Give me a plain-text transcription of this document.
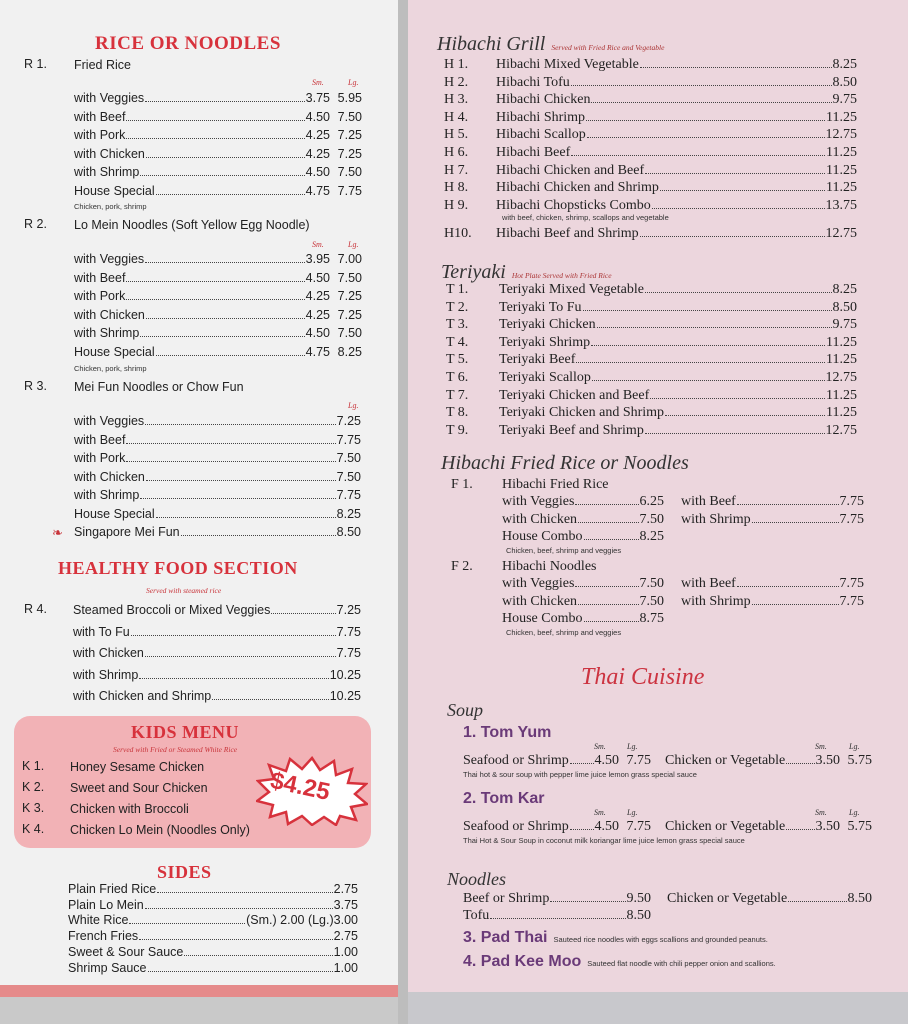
RICE OR NOODLES
KIDS MENU
Served with Fried or Steamed White Rice
$4.25
SIDES
HEALTHY FOOD SECTION
Served with steamed rice
R 1. Fried Rice
Sm.	Lg.
with Veggies	3.75 5.95
with Beef	4.50 7.50
with Pork	4.25 7.25
with Chicken	4.25 7.25
with Shrimp	4.50 7.50
House Special	4.75 7.75
Chicken, pork, shrimp
R 2. Lo Mein Noodles (Soft Yellow Egg Noodle)
Sm.	Lg.
with Veggies	3.95 7.00
with Beef	4.50 7.50
with Pork	4.25 7.25
with Chicken	4.25 7.25
with Shrimp	4.50 7.50
House Special	4.75 8.25
Chicken, pork, shrimp
R 3. Mei Fun Noodles or Chow Fun
Lg.
with Veggies	7.25
with Beef	7.75
with Pork	7.50
with Chicken	7.50
with Shrimp	7.75
House Special	8.25
❧ Singapore Mei Fun	8.50
R 4. Steamed Broccoli or Mixed Veggies	7.25
with To Fu	7.75
with Chicken	7.75
with Shrimp	10.25
with Chicken and Shrimp	10.25
K 1. Honey Sesame Chicken
K 2. Sweet and Sour Chicken
K 3. Chicken with Broccoli
K 4. Chicken Lo Mein (Noodles Only)
Plain Fried Rice	2.75
Plain Lo Mein	3.75
White Rice	(Sm.) 2.00 (Lg.) 3.00
French Fries	2.75
Sweet & Sour Sauce	1.00
Shrimp Sauce	1.00
Hibachi Grill Served with Fried Rice and Vegetable
H 1. Hibachi Mixed Vegetable	8.25
H 2. Hibachi Tofu	8.50
H 3. Hibachi Chicken	9.75
H 4. Hibachi Shrimp	11.25
H 5. Hibachi Scallop	12.75
H 6. Hibachi Beef	11.25
H 7. Hibachi Chicken and Beef	11.25
H 8. Hibachi Chicken and Shrimp	11.25
H 9. Hibachi Chopsticks Combo	13.75
H10. Hibachi Beef and Shrimp	12.75
with beef, chicken, shrimp, scallops and vegetable
Teriyaki Hot Plate Served with Fried Rice
T 1. Teriyaki Mixed Vegetable	8.25
T 2. Teriyaki To Fu	8.50
T 3. Teriyaki Chicken	9.75
T 4. Teriyaki Shrimp	11.25
T 5. Teriyaki Beef	11.25
T 6. Teriyaki Scallop	12.75
T 7. Teriyaki Chicken and Beef	11.25
T 8. Teriyaki Chicken and Shrimp	11.25
T 9. Teriyaki Beef and Shrimp	12.75
Hibachi Fried Rice or Noodles
F 1. Hibachi Fried Rice
with Veggies	6.25 with Beef	7.75
with Chicken	7.50 with Shrimp	7.75
House Combo	8.25
Chicken, beef, shrimp and veggies
F 2. Hibachi Noodles
with Veggies	7.50 with Beef	7.75
with Chicken	7.50 with Shrimp	7.75
House Combo	8.75
Chicken, beef, shrimp and veggies
Thai Cuisine
Soup
1. Tom Yum
Sm.	Lg.	Sm.	Lg.
Seafood or Shrimp 4.50 7.75 Chicken or Vegetable 3.50 5.75
Thai hot & sour soup with pepper lime juice lemon grass special sauce
2. Tom Kar
Sm.	Lg.	Sm.	Lg.
Seafood or Shrimp 4.50 7.75 Chicken or Vegetable 3.50 5.75
Thai Hot & Sour Soup in coconut milk koriangar lime juice lemon grass special sauce
Noodles
Beef or Shrimp	9.50 Chicken or Vegetable	8.50
Tofu	8.50
3. Pad Thai Sauteed rice noodles with eggs scallions and grounded peanuts.
4. Pad Kee Moo Sauteed flat noodle with chili pepper onion and scallions.
